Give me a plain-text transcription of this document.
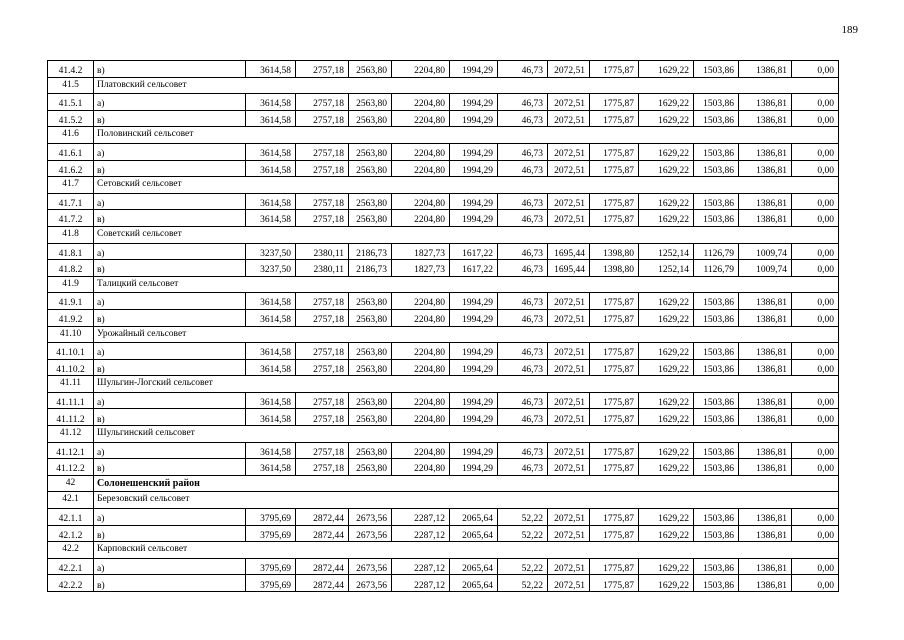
189
41.4.2	в)	3614,58	2757,18	2563,80	2204,80	1994,29	46,73	2072,51	1775,87	1629,22	1503,86	1386,81	0,00
41.5	Платовский сельсовет												
41.5.1	а)	3614,58	2757,18	2563,80	2204,80	1994,29	46,73	2072,51	1775,87	1629,22	1503,86	1386,81	0,00
41.5.2	в)	3614,58	2757,18	2563,80	2204,80	1994,29	46,73	2072,51	1775,87	1629,22	1503,86	1386,81	0,00
41.6	Половинский сельсовет												
41.6.1	а)	3614,58	2757,18	2563,80	2204,80	1994,29	46,73	2072,51	1775,87	1629,22	1503,86	1386,81	0,00
41.6.2	в)	3614,58	2757,18	2563,80	2204,80	1994,29	46,73	2072,51	1775,87	1629,22	1503,86	1386,81	0,00
41.7	Сетовский сельсовет												
41.7.1	а)	3614,58	2757,18	2563,80	2204,80	1994,29	46,73	2072,51	1775,87	1629,22	1503,86	1386,81	0,00
41.7.2	в)	3614,58	2757,18	2563,80	2204,80	1994,29	46,73	2072,51	1775,87	1629,22	1503,86	1386,81	0,00
41.8	Советский сельсовет												
41.8.1	а)	3237,50	2380,11	2186,73	1827,73	1617,22	46,73	1695,44	1398,80	1252,14	1126,79	1009,74	0,00
41.8.2	в)	3237,50	2380,11	2186,73	1827,73	1617,22	46,73	1695,44	1398,80	1252,14	1126,79	1009,74	0,00
41.9	Талицкий сельсовет												
41.9.1	а)	3614,58	2757,18	2563,80	2204,80	1994,29	46,73	2072,51	1775,87	1629,22	1503,86	1386,81	0,00
41.9.2	в)	3614,58	2757,18	2563,80	2204,80	1994,29	46,73	2072,51	1775,87	1629,22	1503,86	1386,81	0,00
41.10	Урожайный сельсовет												
41.10.1	а)	3614,58	2757,18	2563,80	2204,80	1994,29	46,73	2072,51	1775,87	1629,22	1503,86	1386,81	0,00
41.10.2	в)	3614,58	2757,18	2563,80	2204,80	1994,29	46,73	2072,51	1775,87	1629,22	1503,86	1386,81	0,00
41.11	Шульгин-Логский сельсовет												
41.11.1	а)	3614,58	2757,18	2563,80	2204,80	1994,29	46,73	2072,51	1775,87	1629,22	1503,86	1386,81	0,00
41.11.2	в)	3614,58	2757,18	2563,80	2204,80	1994,29	46,73	2072,51	1775,87	1629,22	1503,86	1386,81	0,00
41.12	Шульгинский сельсовет												
41.12.1	а)	3614,58	2757,18	2563,80	2204,80	1994,29	46,73	2072,51	1775,87	1629,22	1503,86	1386,81	0,00
41.12.2	в)	3614,58	2757,18	2563,80	2204,80	1994,29	46,73	2072,51	1775,87	1629,22	1503,86	1386,81	0,00
42	Солонешенский район												
42.1	Березовский сельсовет												
42.1.1	а)	3795,69	2872,44	2673,56	2287,12	2065,64	52,22	2072,51	1775,87	1629,22	1503,86	1386,81	0,00
42.1.2	в)	3795,69	2872,44	2673,56	2287,12	2065,64	52,22	2072,51	1775,87	1629,22	1503,86	1386,81	0,00
42.2	Карповский сельсовет												
42.2.1	а)	3795,69	2872,44	2673,56	2287,12	2065,64	52,22	2072,51	1775,87	1629,22	1503,86	1386,81	0,00
42.2.2	в)	3795,69	2872,44	2673,56	2287,12	2065,64	52,22	2072,51	1775,87	1629,22	1503,86	1386,81	0,00
